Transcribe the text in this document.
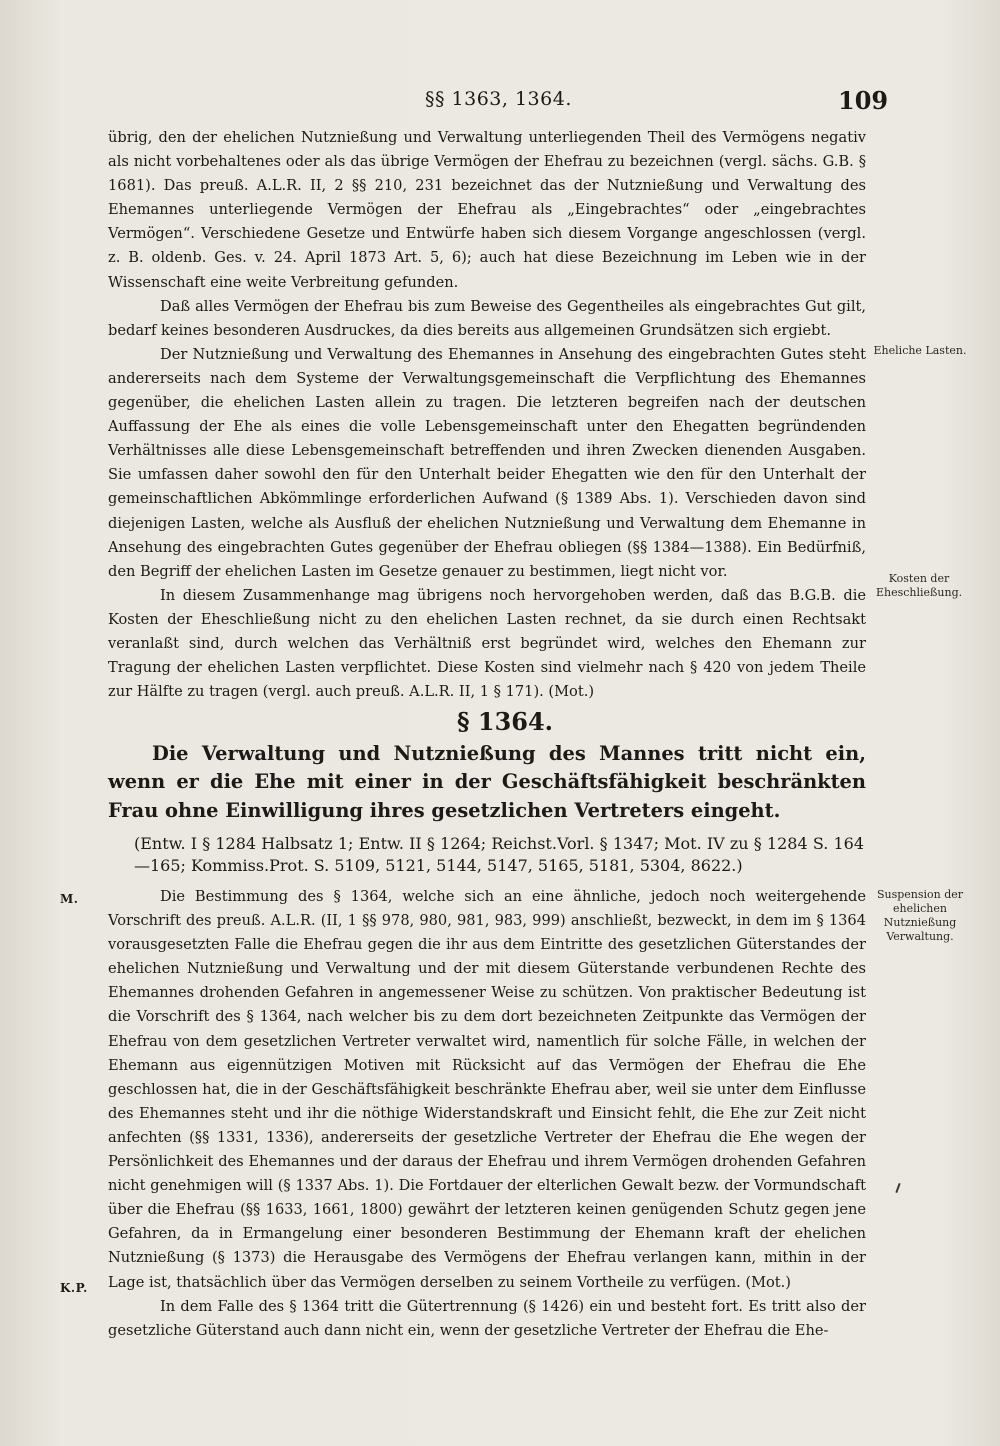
§§ 1363, 1364.	109

übrig, den der ehelichen Nutznießung und Verwaltung unterliegenden Theil des Vermögens negativ als nicht vorbehaltenes oder als das übrige Vermögen der Ehefrau zu bezeichnen (vergl. sächs. G.B. § 1681). Das preuß. A.L.R. II, 2 §§ 210, 231 bezeichnet das der Nutznießung und Verwaltung des Ehemannes unterliegende Vermögen der Ehefrau als „Eingebrachtes“ oder „eingebrachtes Vermögen“. Verschiedene Gesetze und Entwürfe haben sich diesem Vorgange angeschlossen (vergl. z. B. oldenb. Ges. v. 24. April 1873 Art. 5, 6); auch hat diese Bezeichnung im Leben wie in der Wissenschaft eine weite Verbreitung gefunden.

Daß alles Vermögen der Ehefrau bis zum Beweise des Gegentheiles als eingebrachtes Gut gilt, bedarf keines besonderen Ausdruckes, da dies bereits aus allgemeinen Grundsätzen sich ergiebt.

Der Nutznießung und Verwaltung des Ehemannes in Ansehung des eingebrachten Gutes steht andererseits nach dem Systeme der Verwaltungsgemeinschaft die Verpflichtung des Ehemannes gegenüber, die ehelichen Lasten allein zu tragen. Die letzteren begreifen nach der deutschen Auffassung der Ehe als eines die volle Lebensgemeinschaft unter den Ehegatten begründenden Verhältnisses alle diese Lebensgemeinschaft betreffenden und ihren Zwecken dienenden Ausgaben. Sie umfassen daher sowohl den für den Unterhalt beider Ehegatten wie den für den Unterhalt der gemeinschaftlichen Abkömmlinge erforderlichen Aufwand (§ 1389 Abs. 1). Verschieden davon sind diejenigen Lasten, welche als Ausfluß der ehelichen Nutznießung und Verwaltung dem Ehemanne in Ansehung des eingebrachten Gutes gegenüber der Ehefrau obliegen (§§ 1384—1388). Ein Bedürfniß, den Begriff der ehelichen Lasten im Gesetze genauer zu bestimmen, liegt nicht vor.

In diesem Zusammenhange mag übrigens noch hervorgehoben werden, daß das B.G.B. die Kosten der Eheschließung nicht zu den ehelichen Lasten rechnet, da sie durch einen Rechtsakt veranlaßt sind, durch welchen das Verhältniß erst begründet wird, welches den Ehemann zur Tragung der ehelichen Lasten verpflichtet. Diese Kosten sind vielmehr nach § 420 von jedem Theile zur Hälfte zu tragen (vergl. auch preuß. A.L.R. II, 1 § 171). (Mot.)

Eheliche Lasten.
Kosten der Eheschließung.
§ 1364.
Die Verwaltung und Nutznießung des Mannes tritt nicht ein, wenn er die Ehe mit einer in der Geschäftsfähigkeit beschränkten Frau ohne Einwilligung ihres gesetzlichen Vertreters eingeht.
(Entw. I § 1284 Halbsatz 1; Entw. II § 1264; Reichst.Vorl. § 1347; Mot. IV zu § 1284 S. 164—165; Kommiss.Prot. S. 5109, 5121, 5144, 5147, 5165, 5181, 5304, 8622.)
M.
K.P.
Suspension der ehelichen Nutznießung Verwaltung.

Die Bestimmung des § 1364, welche sich an eine ähnliche, jedoch noch weitergehende Vorschrift des preuß. A.L.R. (II, 1 §§ 978, 980, 981, 983, 999) anschließt, bezweckt, in dem im § 1364 vorausgesetzten Falle die Ehefrau gegen die ihr aus dem Eintritte des gesetzlichen Güterstandes der ehelichen Nutznießung und Verwaltung und der mit diesem Güterstande verbundenen Rechte des Ehemannes drohenden Gefahren in angemessener Weise zu schützen. Von praktischer Bedeutung ist die Vorschrift des § 1364, nach welcher bis zu dem dort bezeichneten Zeitpunkte das Vermögen der Ehefrau von dem gesetzlichen Vertreter verwaltet wird, namentlich für solche Fälle, in welchen der Ehemann aus eigennützigen Motiven mit Rücksicht auf das Vermögen der Ehefrau die Ehe geschlossen hat, die in der Geschäftsfähigkeit beschränkte Ehefrau aber, weil sie unter dem Einflusse des Ehemannes steht und ihr die nöthige Widerstandskraft und Einsicht fehlt, die Ehe zur Zeit nicht anfechten (§§ 1331, 1336), andererseits der gesetzliche Vertreter der Ehefrau die Ehe wegen der Persönlichkeit des Ehemannes und der daraus der Ehefrau und ihrem Vermögen drohenden Gefahren nicht genehmigen will (§ 1337 Abs. 1). Die Fortdauer der elterlichen Gewalt bezw. der Vormundschaft über die Ehefrau (§§ 1633, 1661, 1800) gewährt der letzteren keinen genügenden Schutz gegen jene Gefahren, da in Ermangelung einer besonderen Bestimmung der Ehemann kraft der ehelichen Nutznießung (§ 1373) die Herausgabe des Vermögens der Ehefrau verlangen kann, mithin in der Lage ist, thatsächlich über das Vermögen derselben zu seinem Vortheile zu verfügen. (Mot.)

In dem Falle des § 1364 tritt die Gütertrennung (§ 1426) ein und besteht fort. Es tritt also der gesetzliche Güterstand auch dann nicht ein, wenn der gesetzliche Vertreter der Ehefrau die Ehe-
